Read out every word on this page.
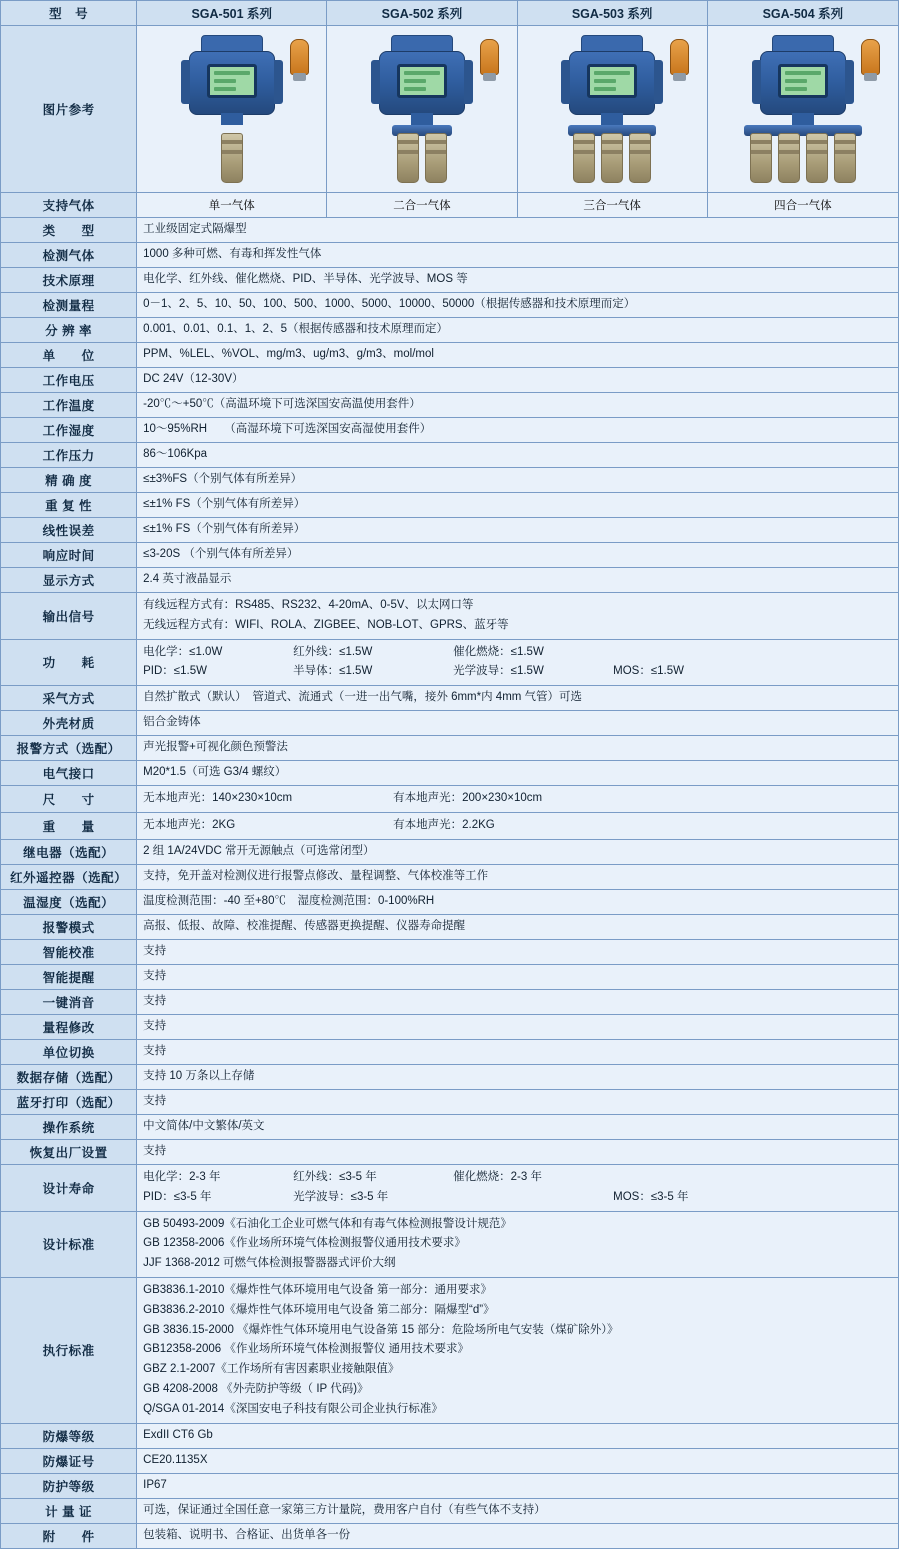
型　号	SGA-501 系列	SGA-502 系列	SGA-503 系列	SGA-504 系列
图片参考	

支持气体	单一气体	二合一气体	三合一气体	四合一气体
类　　型	工业级固定式隔爆型			
检测气体	1000 多种可燃、有毒和挥发性气体			
技术原理	电化学、红外线、催化燃烧、PID、半导体、光学波导、MOS 等			
检测量程	0－1、2、5、10、50、100、500、1000、5000、10000、50000（根据传感器和技术原理而定）			
分 辨 率	0.001、0.01、0.1、1、2、5（根据传感器和技术原理而定）			
单　　位	PPM、%LEL、%VOL、mg/m3、ug/m3、g/m3、mol/mol			
工作电压	DC 24V（12-30V）			
工作温度	-20℃～+50℃（高温环境下可选深国安高温使用套件）			
工作湿度	10～95%RH　　（高湿环境下可选深国安高湿使用套件）			
工作压力	86～106Kpa			
精 确 度	≤±3%FS（个别气体有所差异）			
重 复 性	≤±1% FS（个别气体有所差异）			
线性误差	≤±1% FS（个别气体有所差异）			
响应时间	≤3-20S （个别气体有所差异）			
显示方式	2.4 英寸液晶显示			
输出信号	有线远程方式有：RS485、RS232、4-20mA、0-5V、以太网口等
无线远程方式有：WIFI、ROLA、ZIGBEE、NOB-LOT、GPRS、蓝牙等			

功　　耗	
电化学：≤1.0W	红外线：≤1.5W	催化燃烧：≤1.5W
PID：≤1.5W	半导体：≤1.5W	光学波导：≤1.5W	MOS：≤1.5W

采气方式	自然扩散式（默认）　管道式、流通式（一进一出气嘴，接外 6mm*内 4mm 气管）可选			
外壳材质	铝合金铸体			
报警方式（选配）	声光报警+可视化颜色预警法			
电气接口	M20*1.5（可选 G3/4 螺纹）			
尺　　寸	无本地声光：140×230×10cm 有本地声光：200×230×10cm			

重　　量	无本地声光：2KG 有本地声光：2.2KG			

继电器（选配）	2 组 1A/24VDC 常开无源触点（可选常闭型）			
红外遥控器（选配）	支持，免开盖对检测仪进行报警点修改、量程调整、气体校准等工作			
温湿度（选配）	温度检测范围：-40 至+80℃　湿度检测范围：0-100%RH			
报警模式	高报、低报、故障、校准提醒、传感器更换提醒、仪器寿命提醒			
智能校准	支持			
智能提醒	支持			
一键消音	支持			
量程修改	支持			
单位切换	支持			
数据存储（选配）	支持 10 万条以上存储			
蓝牙打印（选配）	支持			
操作系统	中文简体/中文繁体/英文			
恢复出厂设置	支持			
设计寿命	
电化学：2-3 年	红外线：≤3-5 年	催化燃烧：2-3 年
PID：≤3-5 年	光学波导：≤3-5 年	MOS：≤3-5 年

设计标准	GB 50493-2009《石油化工企业可燃气体和有毒气体检测报警设计规范》
GB 12358-2006《作业场所环境气体检测报警仪通用技术要求》
JJF 1368-2012 可燃气体检测报警器器式评价大纲			

执行标准	
GB3836.1-2010《爆炸性气体环境用电气设备 第一部分：通用要求》
GB3836.2-2010《爆炸性气体环境用电气设备 第二部分：隔爆型“d”》
GB 3836.15-2000 《爆炸性气体环境用电气设备第 15 部分：危险场所电气安装（煤矿除外）》
GB12358-2006 《作业场所环境气体检测报警仪 通用技术要求》
GBZ 2.1-2007《工作场所有害因素职业接触限值》
GB 4208-2008 《外壳防护等级（ IP 代码)》
Q/SGA 01-2014《深国安电子科技有限公司企业执行标准》

防爆等级	ExdII CT6 Gb			
防爆证号	CE20.1135X			
防护等级	IP67			
计 量 证	可选，保证通过全国任意一家第三方计量院，费用客户自付（有些气体不支持）			
附　　件	包装箱、说明书、合格证、出货单各一份			
